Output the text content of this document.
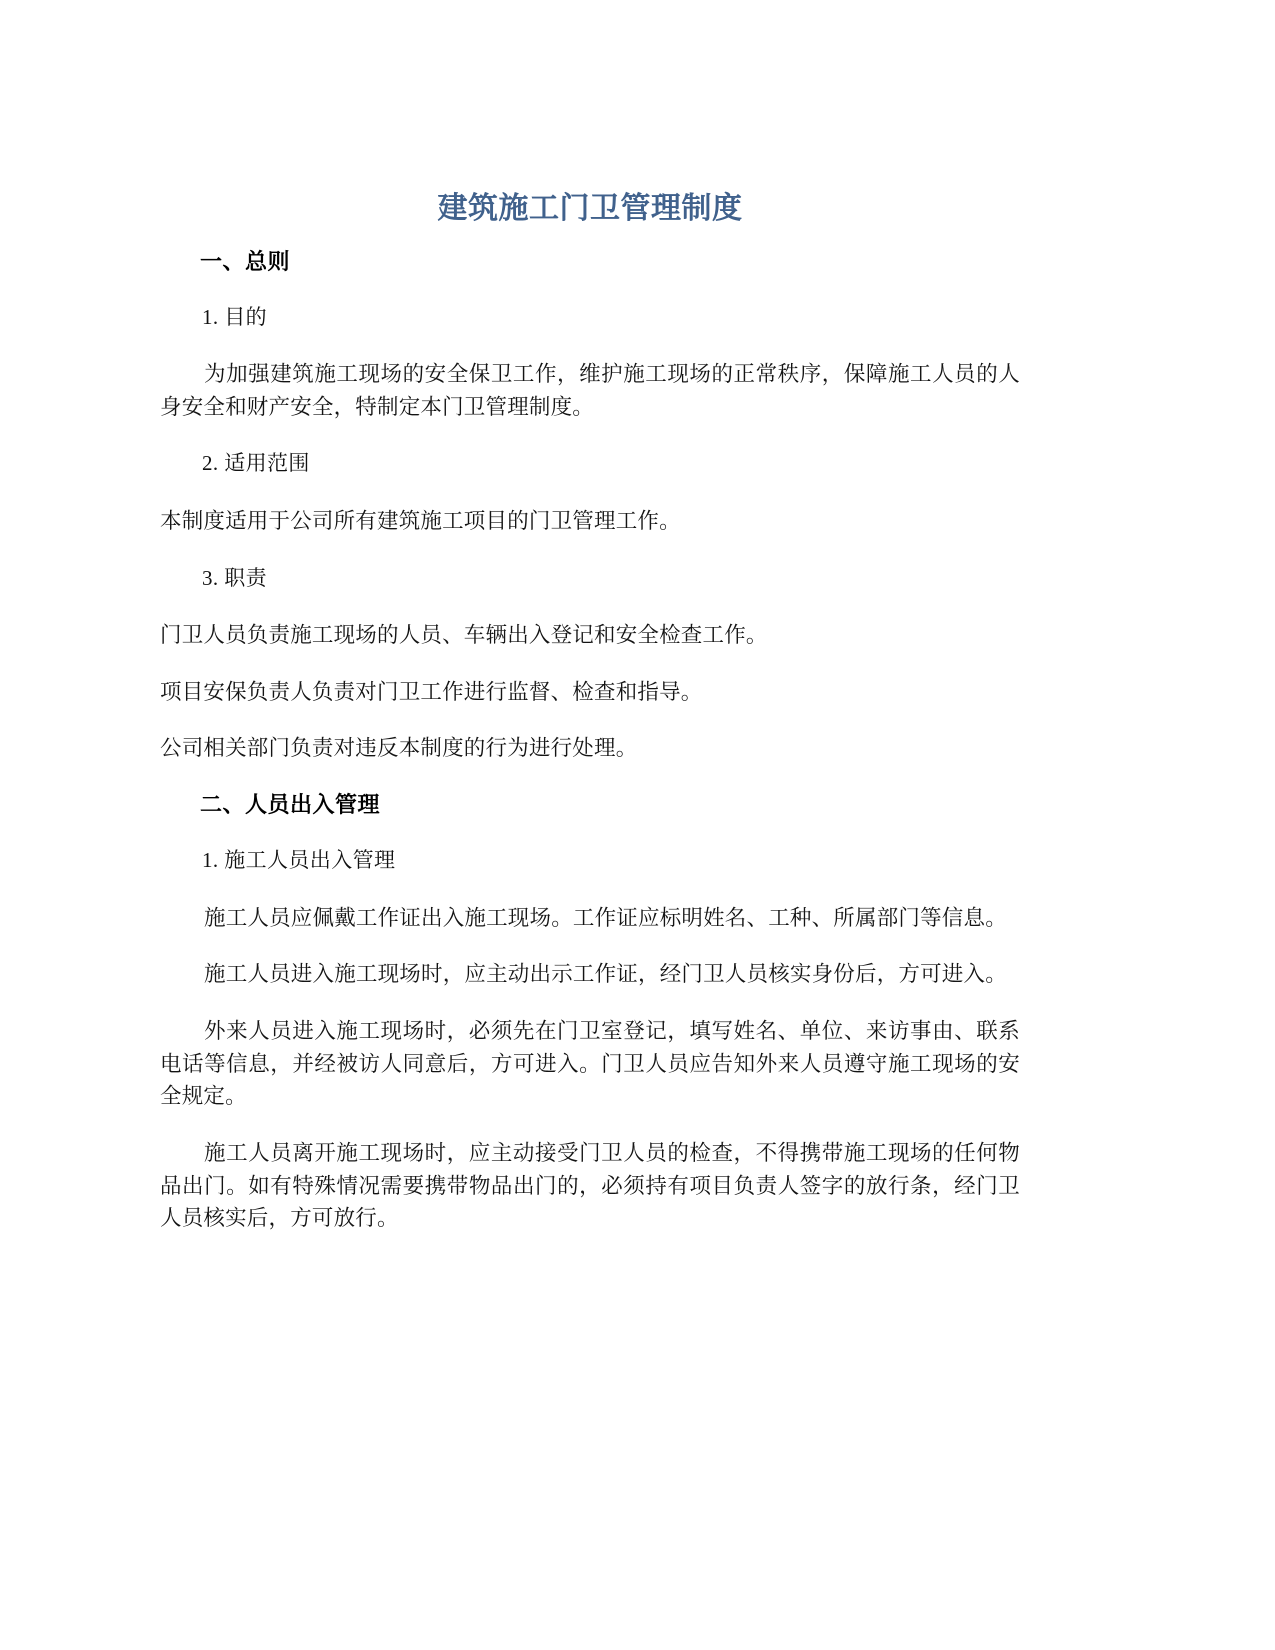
建筑施工门卫管理制度

一、总则

1. 目的

为加强建筑施工现场的安全保卫工作，维护施工现场的正常秩序，保障施工人员的人身安全和财产安全，特制定本门卫管理制度。

2. 适用范围

本制度适用于公司所有建筑施工项目的门卫管理工作。

3. 职责

门卫人员负责施工现场的人员、车辆出入登记和安全检查工作。

项目安保负责人负责对门卫工作进行监督、检查和指导。

公司相关部门负责对违反本制度的行为进行处理。

二、人员出入管理

1. 施工人员出入管理

施工人员应佩戴工作证出入施工现场。工作证应标明姓名、工种、所属部门等信息。

施工人员进入施工现场时，应主动出示工作证，经门卫人员核实身份后，方可进入。

外来人员进入施工现场时，必须先在门卫室登记，填写姓名、单位、来访事由、联系电话等信息，并经被访人同意后，方可进入。门卫人员应告知外来人员遵守施工现场的安全规定。

施工人员离开施工现场时，应主动接受门卫人员的检查，不得携带施工现场的任何物品出门。如有特殊情况需要携带物品出门的，必须持有项目负责人签字的放行条，经门卫人员核实后，方可放行。
